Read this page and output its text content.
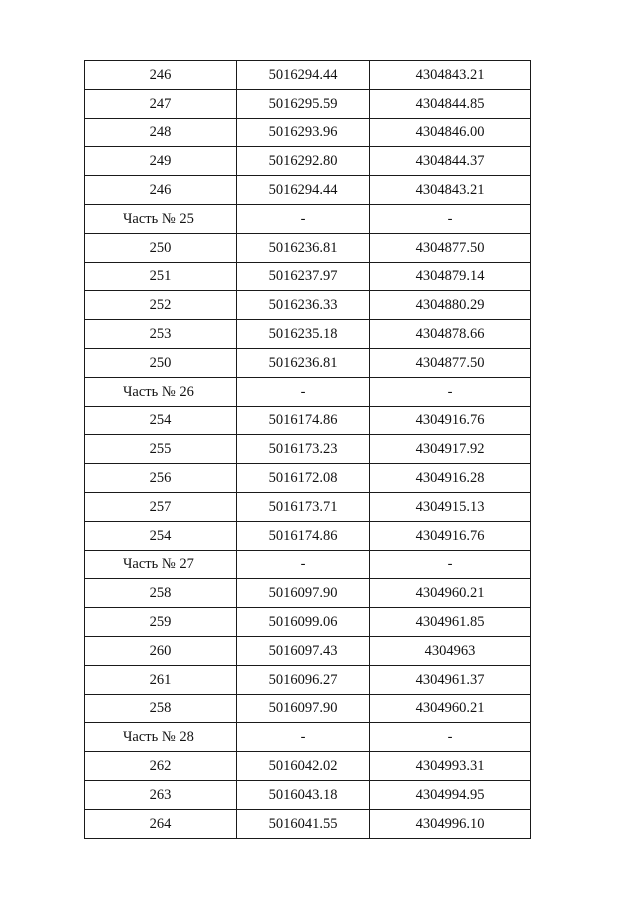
246	5016294.44	4304843.21
247	5016295.59	4304844.85
248	5016293.96	4304846.00
249	5016292.80	4304844.37
246	5016294.44	4304843.21
Часть № 25	-	-
250	5016236.81	4304877.50
251	5016237.97	4304879.14
252	5016236.33	4304880.29
253	5016235.18	4304878.66
250	5016236.81	4304877.50
Часть № 26	-	-
254	5016174.86	4304916.76
255	5016173.23	4304917.92
256	5016172.08	4304916.28
257	5016173.71	4304915.13
254	5016174.86	4304916.76
Часть № 27	-	-
258	5016097.90	4304960.21
259	5016099.06	4304961.85
260	5016097.43	4304963
261	5016096.27	4304961.37
258	5016097.90	4304960.21
Часть № 28	-	-
262	5016042.02	4304993.31
263	5016043.18	4304994.95
264	5016041.55	4304996.10
